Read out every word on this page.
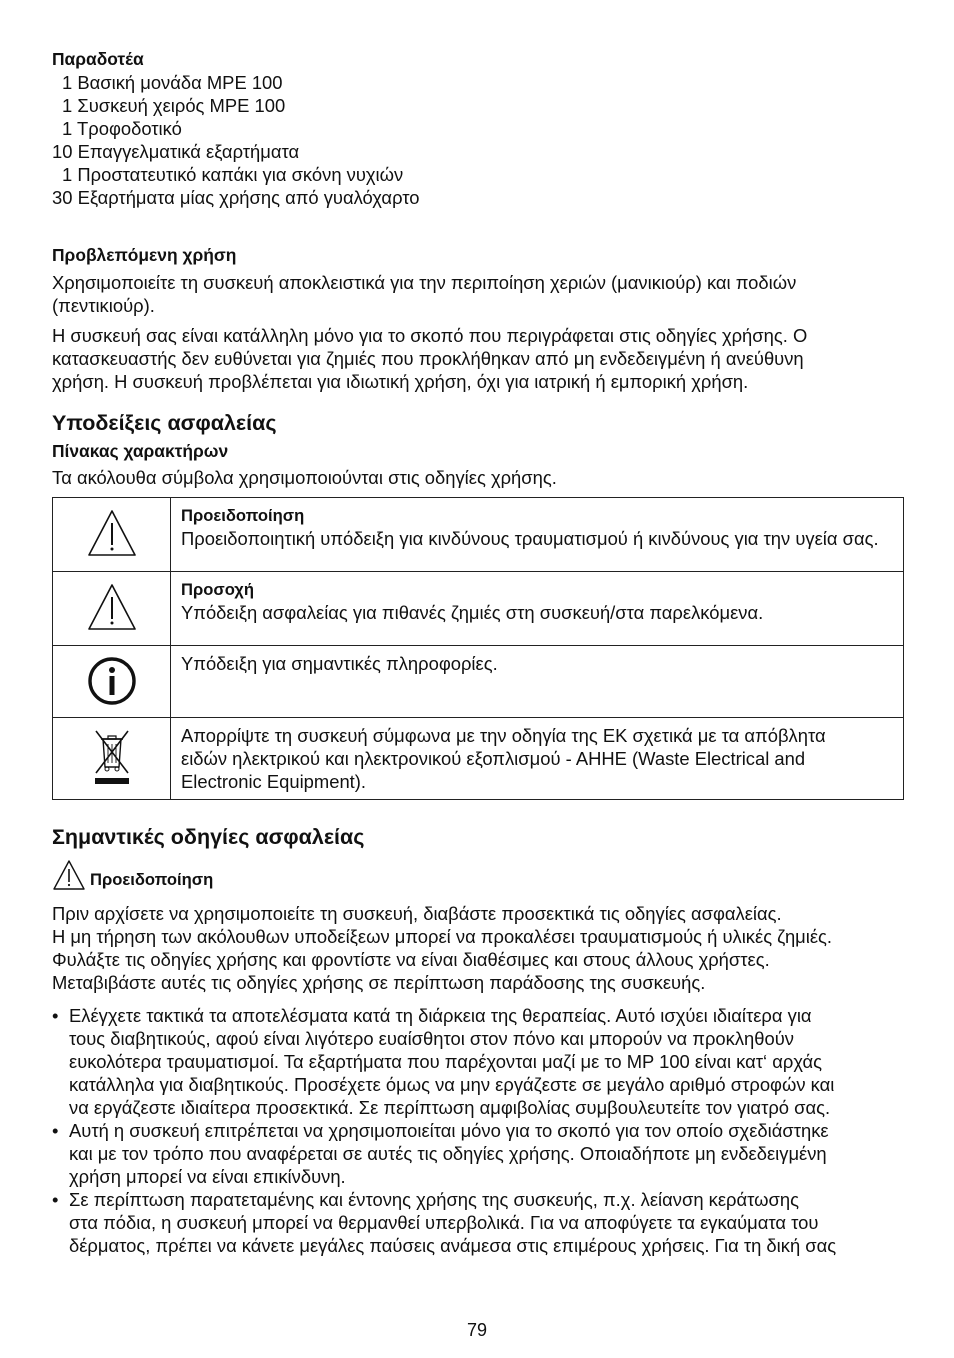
Παραδοτέα
1 Βασική μονάδα MPE 100
1 Συσκευή χειρός MPE 100
1 Τροφοδοτικό
10 Επαγγελματικά εξαρτήματα
1 Προστατευτικό καπάκι για σκόνη νυχιών
30 Εξαρτήματα μίας χρήσης από γυαλόχαρτο
Προβλεπόμενη χρήση

Χρησιμοποιείτε τη συσκευή αποκλειστικά για την περιποίηση χεριών (μανικιούρ) και ποδιών
(πεντικιούρ).

Η συσκευή σας είναι κατάλληλη μόνο για το σκοπό που περιγράφεται στις οδηγίες χρήσης. Ο
κατασκευαστής δεν ευθύνεται για ζημιές που προκλήθηκαν από μη ενδεδειγμένη ή ανεύθυνη
χρήση. Η συσκευή προβλέπεται για ιδιωτική χρήση, όχι για ιατρική ή εμπορική χρήση.

Υποδείξεις ασφαλείας
Πίνακας χαρακτήρων

Τα ακόλουθα σύμβολα χρησιμοποιούνται στις οδηγίες χρήσης.

Προειδοποίηση
Προειδοποιητική υπόδειξη για κινδύνους τραυματισμού ή κινδύνους για την υγεία σας.

Προσοχή
Υπόδειξη ασφαλείας για πιθανές ζημιές στη συσκευή/στα παρελκόμενα.

Υπόδειξη για σημαντικές πληροφορίες.

Απορρίψτε τη συσκευή σύμφωνα με την οδηγία της ΕΚ σχετικά με τα απόβλητα
ειδών ηλεκτρικού και ηλεκτρονικού εξοπλισμού - ΑΗΗΕ (Waste Electrical and
Electronic Equipment).
Σημαντικές οδηγίες ασφαλείας
Προειδοποίηση

Πριν αρχίσετε να χρησιμοποιείτε τη συσκευή, διαβάστε προσεκτικά τις οδηγίες ασφαλείας.
Η μη τήρηση των ακόλουθων υποδείξεων μπορεί να προκαλέσει τραυματισμούς ή υλικές ζημιές.
Φυλάξτε τις οδηγίες χρήσης και φροντίστε να είναι διαθέσιμες και στους άλλους χρήστες.
Μεταβιβάστε αυτές τις οδηγίες χρήσης σε περίπτωση παράδοσης της συσκευής.

• Ελέγχετε τακτικά τα αποτελέσματα κατά τη διάρκεια της θεραπείας. Αυτό ισχύει ιδιαίτερα για
τους διαβητικούς, αφού είναι λιγότερο ευαίσθητοι στον πόνο και μπορούν να προκληθούν
ευκολότερα τραυματισμοί. Τα εξαρτήματα που παρέχονται μαζί με το MP 100 είναι κατ‘ αρχάς
κατάλληλα για διαβητικούς. Προσέχετε όμως να μην εργάζεστε σε μεγάλο αριθμό στροφών και
να εργάζεστε ιδιαίτερα προσεκτικά. Σε περίπτωση αμφιβολίας συμβουλευτείτε τον γιατρό σας.
• Αυτή η συσκευή επιτρέπεται να χρησιμοποιείται μόνο για το σκοπό για τον οποίο σχεδιάστηκε
και με τον τρόπο που αναφέρεται σε αυτές τις οδηγίες χρήσης. Οποιαδήποτε μη ενδεδειγμένη
χρήση μπορεί να είναι επικίνδυνη.
• Σε περίπτωση παρατεταμένης και έντονης χρήσης της συσκευής, π.χ. λείανση κεράτωσης
στα πόδια, η συσκευή μπορεί να θερμανθεί υπερβολικά. Για να αποφύγετε τα εγκαύματα του
δέρματος, πρέπει να κάνετε μεγάλες παύσεις ανάμεσα στις επιμέρους χρήσεις. Για τη δική σας
79
